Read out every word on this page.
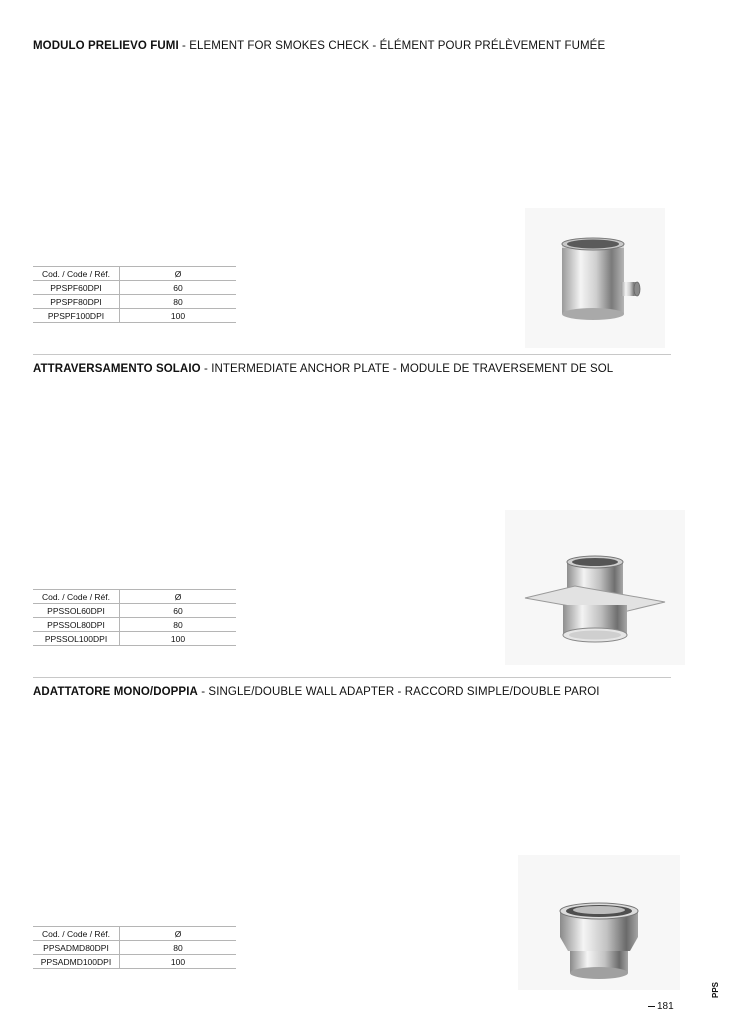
MODULO PRELIEVO FUMI - ELEMENT FOR SMOKES CHECK - ÉLÉMENT POUR PRÉLÈVEMENT FUMÉE
Cod. / Code / Réf.	Ø
PPSPF60DPI	60
PPSPF80DPI	80
PPSPF100DPI	100
ATTRAVERSAMENTO SOLAIO - INTERMEDIATE ANCHOR PLATE - MODULE DE TRAVERSEMENT DE SOL
Cod. / Code / Réf.	Ø
PPSSOL60DPI	60
PPSSOL80DPI	80
PPSSOL100DPI	100
ADATTATORE MONO/DOPPIA - SINGLE/DOUBLE WALL ADAPTER - RACCORD SIMPLE/DOUBLE PAROI
Cod. / Code / Réf.	Ø
PPSADMD80DPI	80
PPSADMD100DPI	100
PPS
181
